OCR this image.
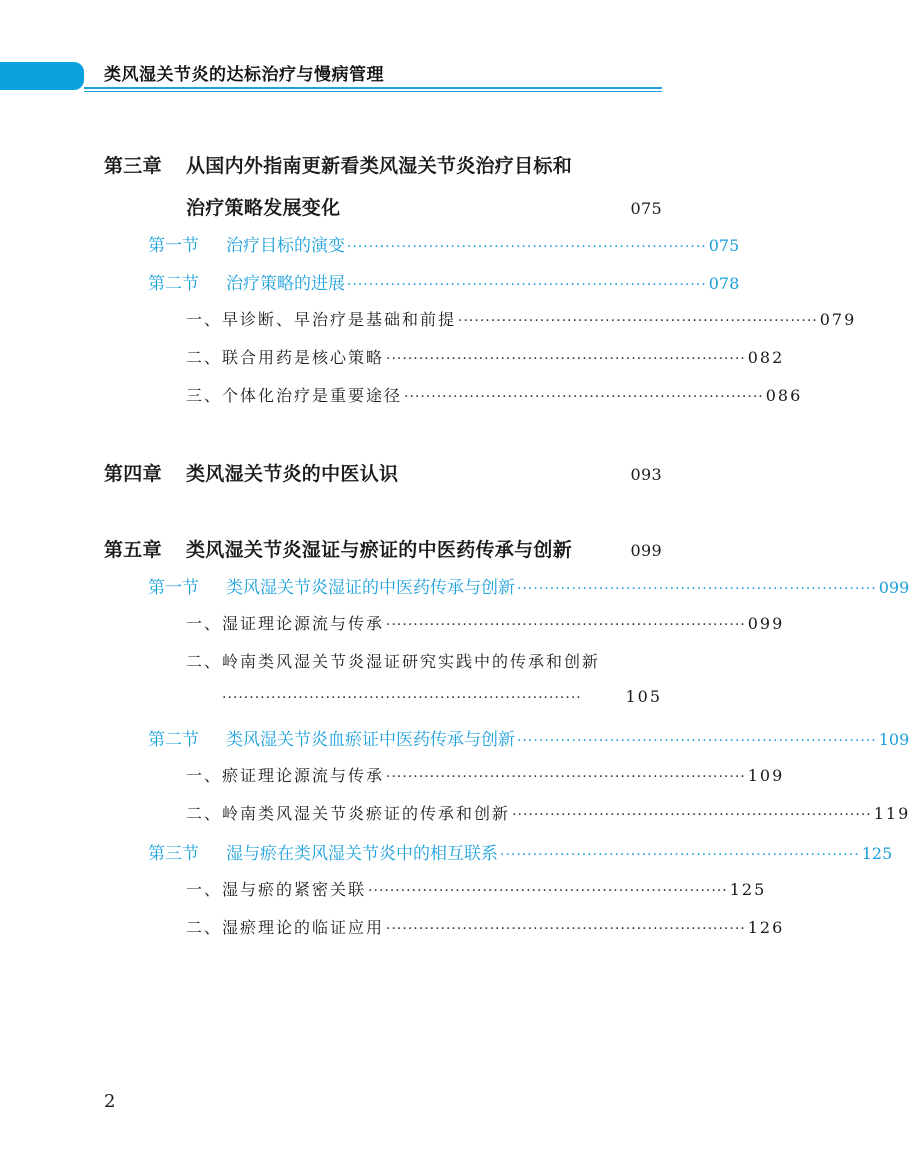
类风湿关节炎的达标治疗与慢病管理
第三章 从国内外指南更新看类风湿关节炎治疗目标和
治疗策略发展变化	075
第一节 治疗目标的演变 ·································································· 075
第二节 治疗策略的进展 ·································································· 078
一、早诊断、早治疗是基础和前提 ·································································· 079
二、联合用药是核心策略 ·································································· 082
三、个体化治疗是重要途径 ·································································· 086
第四章 类风湿关节炎的中医认识	093
第五章 类风湿关节炎湿证与瘀证的中医药传承与创新	099
第一节 类风湿关节炎湿证的中医药传承与创新 ·································································· 099
一、湿证理论源流与传承 ·································································· 099
二、岭南类风湿关节炎湿证研究实践中的传承和创新
··································································	105
第二节 类风湿关节炎血瘀证中医药传承与创新 ·································································· 109
一、瘀证理论源流与传承 ·································································· 109
二、岭南类风湿关节炎瘀证的传承和创新 ·································································· 119
第三节 湿与瘀在类风湿关节炎中的相互联系 ·································································· 125
一、湿与瘀的紧密关联 ·································································· 125
二、湿瘀理论的临证应用 ·································································· 126
2
